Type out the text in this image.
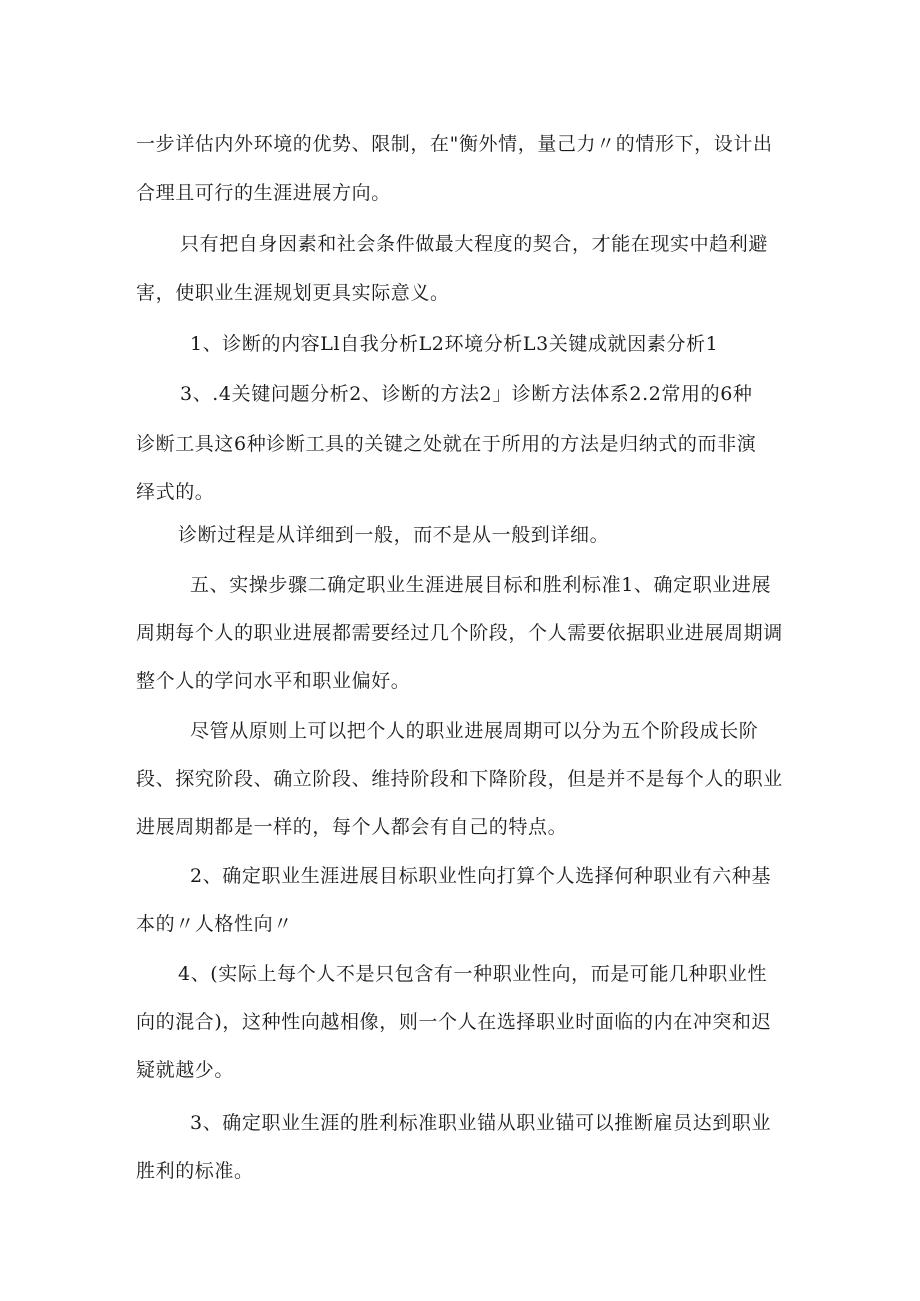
一步详估内外环境的优势、限制，在"衡外情，量己力〃的情形下，设计出

合理且可行的生涯进展方向。

只有把自身因素和社会条件做最大程度的契合，才能在现实中趋利避

害，使职业生涯规划更具实际意义。

1、诊断的内容Ll自我分析L2环境分析L3关键成就因素分析1

3、.4关键问题分析2、诊断的方法2」诊断方法体系2.2常用的6种

诊断工具这6种诊断工具的关键之处就在于所用的方法是归纳式的而非演

绎式的。

诊断过程是从详细到一般，而不是从一般到详细。

五、实操步骤二确定职业生涯进展目标和胜利标准1、确定职业进展

周期每个人的职业进展都需要经过几个阶段，个人需要依据职业进展周期调

整个人的学问水平和职业偏好。

尽管从原则上可以把个人的职业进展周期可以分为五个阶段成长阶

段、探究阶段、确立阶段、维持阶段和下降阶段，但是并不是每个人的职业

进展周期都是一样的，每个人都会有自己的特点。

2、确定职业生涯进展目标职业性向打算个人选择何种职业有六种基

本的〃人格性向〃

4、(实际上每个人不是只包含有一种职业性向，而是可能几种职业性

向的混合)，这种性向越相像，则一个人在选择职业时面临的内在冲突和迟

疑就越少。

3、确定职业生涯的胜利标准职业锚从职业锚可以推断雇员达到职业

胜利的标准。
